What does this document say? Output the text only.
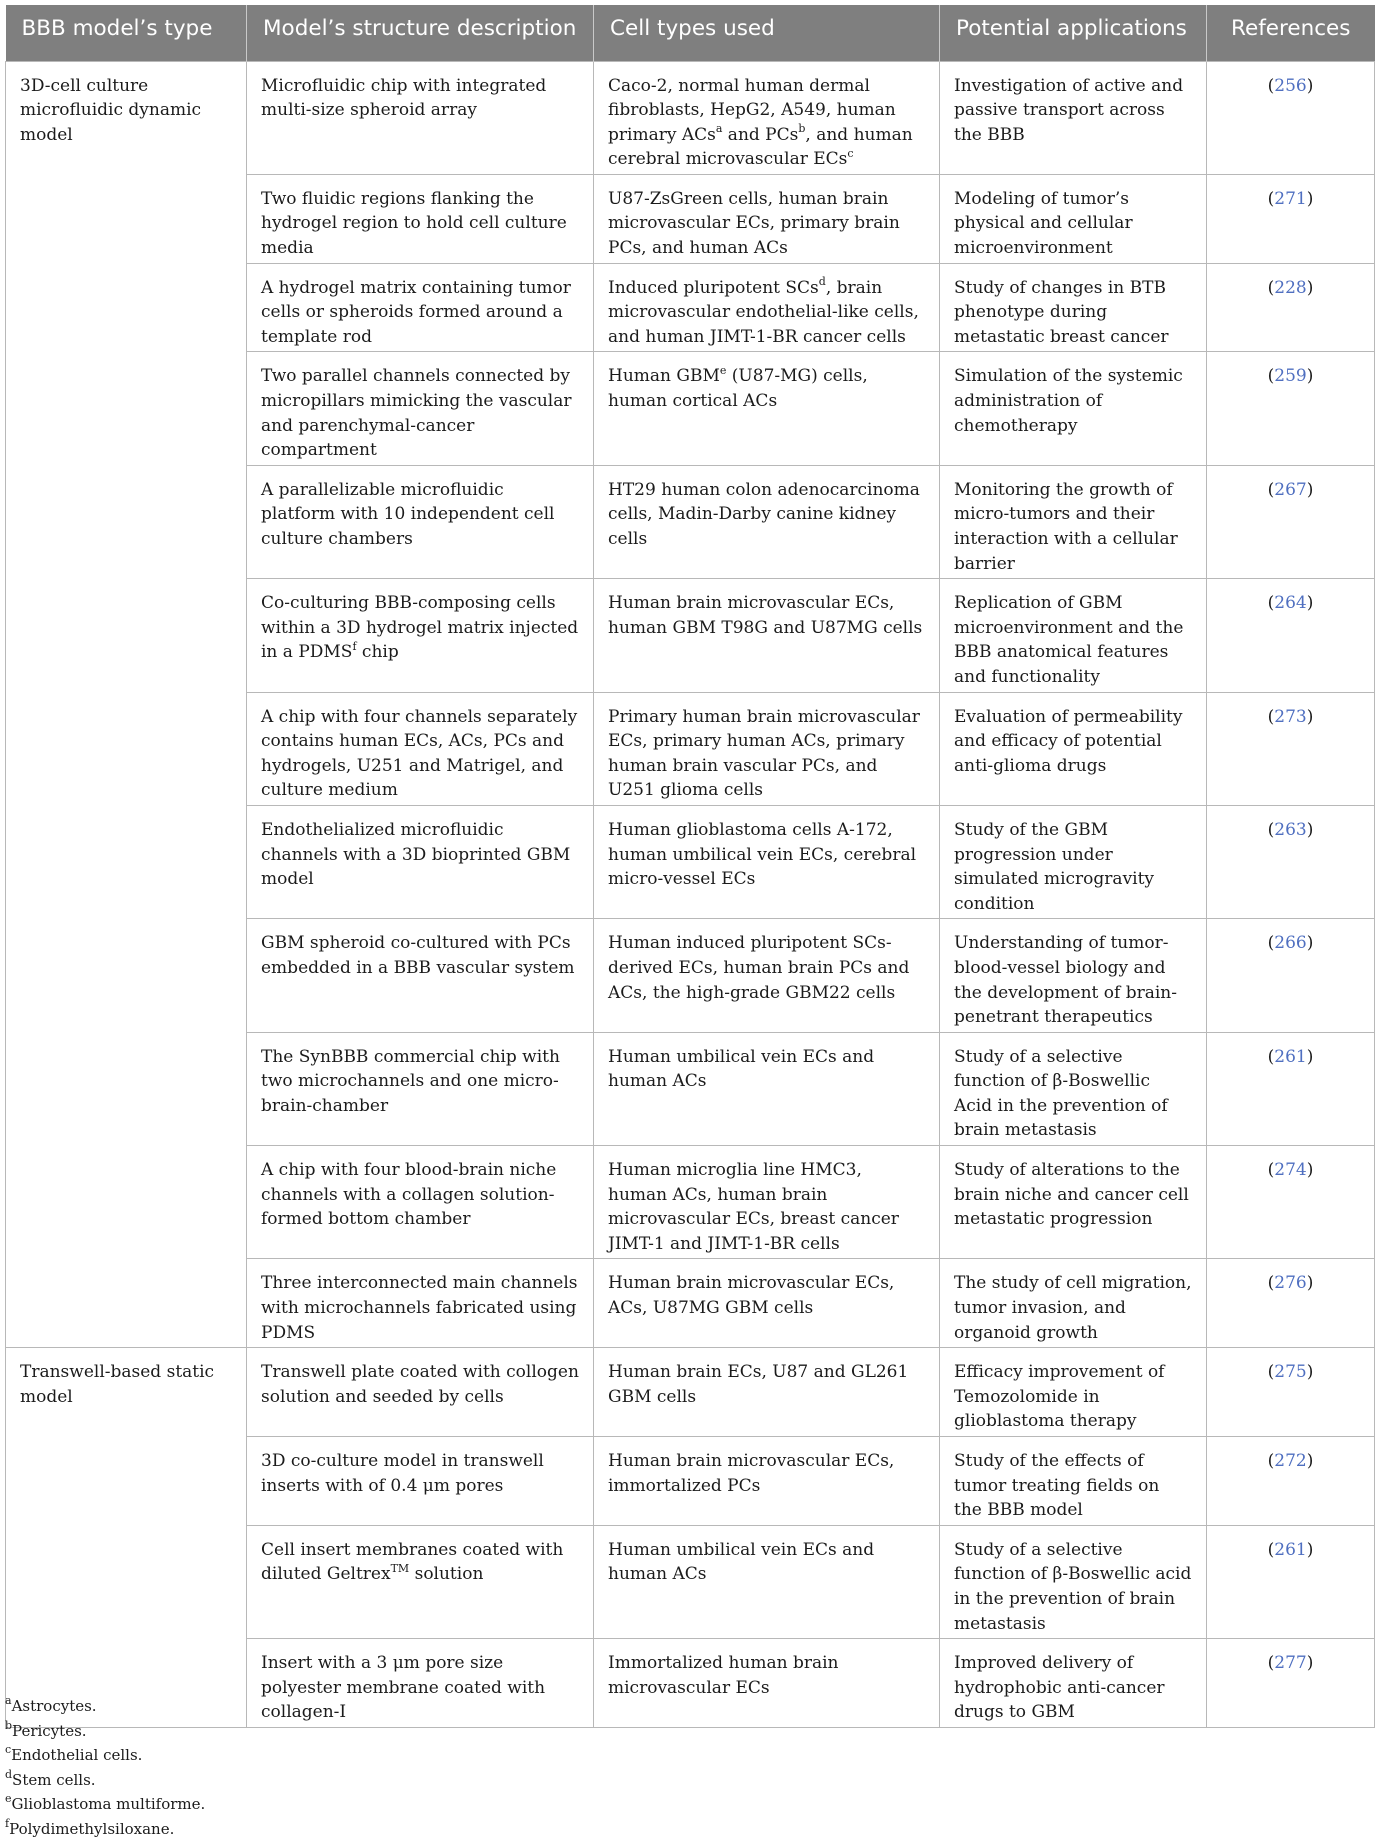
BBB model’s type	Model’s structure description	Cell types used	Potential applications	References
3D-cell culture microfluidic dynamic model	Microfluidic chip with integrated multi-size spheroid array	Caco-2, normal human dermal fibroblasts, HepG2, A549, human primary ACs$^a$ and PCs$^b$, and human cerebral microvascular ECs$^c$	Investigation of active and passive transport across the BBB	(256)
	Two fluidic regions flanking the hydrogel region to hold cell culture media	U87-ZsGreen cells, human brain microvascular ECs, primary brain PCs, and human ACs	Modeling of tumor’s physical and cellular microenvironment	(271)
	A hydrogel matrix containing tumor cells or spheroids formed around a template rod	Induced pluripotent SCs$^d$, brain microvascular endothelial-like cells, and human JIMT-1-BR cancer cells	Study of changes in BTB phenotype during metastatic breast cancer	(228)
	Two parallel channels connected by micropillars mimicking the vascular and parenchymal-cancer compartment	Human GBM$^e$ (U87-MG) cells, human cortical ACs	Simulation of the systemic administration of chemotherapy	(259)
	A parallelizable microfluidic platform with 10 independent cell culture chambers	HT29 human colon adenocarcinoma cells, Madin-Darby canine kidney cells	Monitoring the growth of micro-tumors and their interaction with a cellular barrier	(267)
	Co-culturing BBB-composing cells within a 3D hydrogel matrix injected in a PDMS$^f$ chip	Human brain microvascular ECs, human GBM T98G and U87MG cells	Replication of GBM microenvironment and the BBB anatomical features and functionality	(264)
	A chip with four channels separately contains human ECs, ACs, PCs and hydrogels, U251 and Matrigel, and culture medium	Primary human brain microvascular ECs, primary human ACs, primary human brain vascular PCs, and U251 glioma cells	Evaluation of permeability and efficacy of potential anti-glioma drugs	(273)
	Endothelialized microfluidic channels with a 3D bioprinted GBM model	Human glioblastoma cells A-172, human umbilical vein ECs, cerebral micro-vessel ECs	Study of the GBM progression under simulated microgravity condition	(263)
	GBM spheroid co-cultured with PCs embedded in a BBB vascular system	Human induced pluripotent SCs-derived ECs, human brain PCs and ACs, the high-grade GBM22 cells	Understanding of tumor-blood-vessel biology and the development of brain-penetrant therapeutics	(266)
	The SynBBB commercial chip with two microchannels and one micro-brain-chamber	Human umbilical vein ECs and human ACs	Study of a selective function of β-Boswellic Acid in the prevention of brain metastasis	(261)
	A chip with four blood-brain niche channels with a collagen solution-formed bottom chamber	Human microglia line HMC3, human ACs, human brain microvascular ECs, breast cancer JIMT-1 and JIMT-1-BR cells	Study of alterations to the brain niche and cancer cell metastatic progression	(274)
	Three interconnected main channels with microchannels fabricated using PDMS	Human brain microvascular ECs, ACs, U87MG GBM cells	The study of cell migration, tumor invasion, and organoid growth	(276)
Transwell-based static model	Transwell plate coated with collogen solution and seeded by cells	Human brain ECs, U87 and GL261 GBM cells	Efficacy improvement of Temozolomide in glioblastoma therapy	(275)
	3D co-culture model in transwell inserts with of 0.4 μm pores	Human brain microvascular ECs, immortalized PCs	Study of the effects of tumor treating fields on the BBB model	(272)
	Cell insert membranes coated with diluted Geltrex™ solution	Human umbilical vein ECs and human ACs	Study of a selective function of β-Boswellic acid in the prevention of brain metastasis	(261)
	Insert with a 3 μm pore size polyester membrane coated with collagen-I	Immortalized human brain microvascular ECs	Improved delivery of hydrophobic anti-cancer drugs to GBM	(277)
$^a$Astrocytes.
$^b$Pericytes.
$^c$Endothelial cells.
$^d$Stem cells.
$^e$Glioblastoma multiforme.
$^f$Polydimethylsiloxane.
